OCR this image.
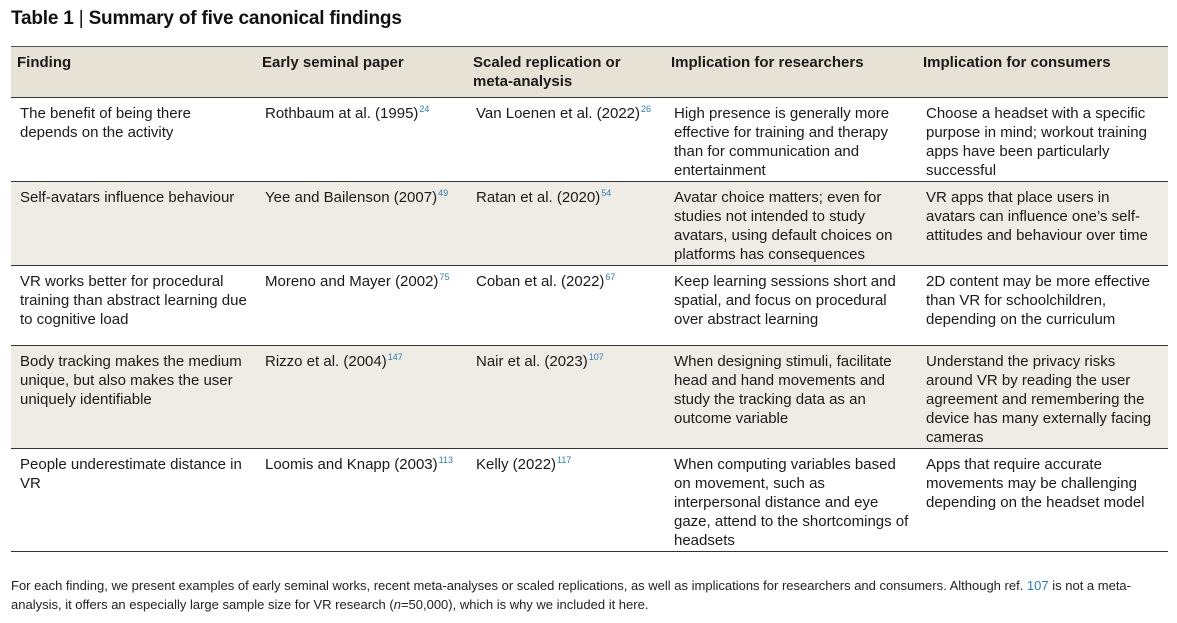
Table 1 | Summary of five canonical findings
Finding	Early seminal paper	Scaled replication or meta-analysis	Implication for researchers	Implication for consumers
The benefit of being there depends on the activity	Rothbaum at al. $(1995)^{24}$	Van Loenen et al. $(2022)^{26}$	High presence is generally more effective for training and therapy than for communication and entertainment	Choose a headset with a specific purpose in mind; workout training apps have been particularly successful
Self-avatars influence behaviour	Yee and Bailenson $(2007)^{49}$	Ratan et al. $(2020)^{54}$	Avatar choice matters; even for studies not intended to study avatars, using default choices on platforms has consequences	VR apps that place users in avatars can influence one’s self-attitudes and behaviour over time
VR works better for procedural training than abstract learning due to cognitive load	Moreno and Mayer $(2002)^{75}$	Coban et al. $(2022)^{67}$	Keep learning sessions short and spatial, and focus on procedural over abstract learning	2D content may be more effective than VR for schoolchildren, depending on the curriculum
Body tracking makes the medium unique, but also makes the user uniquely identifiable	Rizzo et al. $(2004)^{147}$	Nair et al. $(2023)^{107}$	When designing stimuli, facilitate head and hand movements and study the tracking data as an outcome variable	Understand the privacy risks around VR by reading the user agreement and remembering the device has many externally facing cameras
People underestimate distance in VR	Loomis and Knapp $(2003)^{113}$	Kelly $(2022)^{117}$	When computing variables based on movement, such as interpersonal distance and eye gaze, attend to the shortcomings of headsets	Apps that require accurate movements may be challenging depending on the headset model
For each finding, we present examples of early seminal works, recent meta-analyses or scaled replications, as well as implications for researchers and consumers. Although ref. 107 is not a meta-analysis, it offers an especially large sample size for VR research (n=50,000), which is why we included it here.
